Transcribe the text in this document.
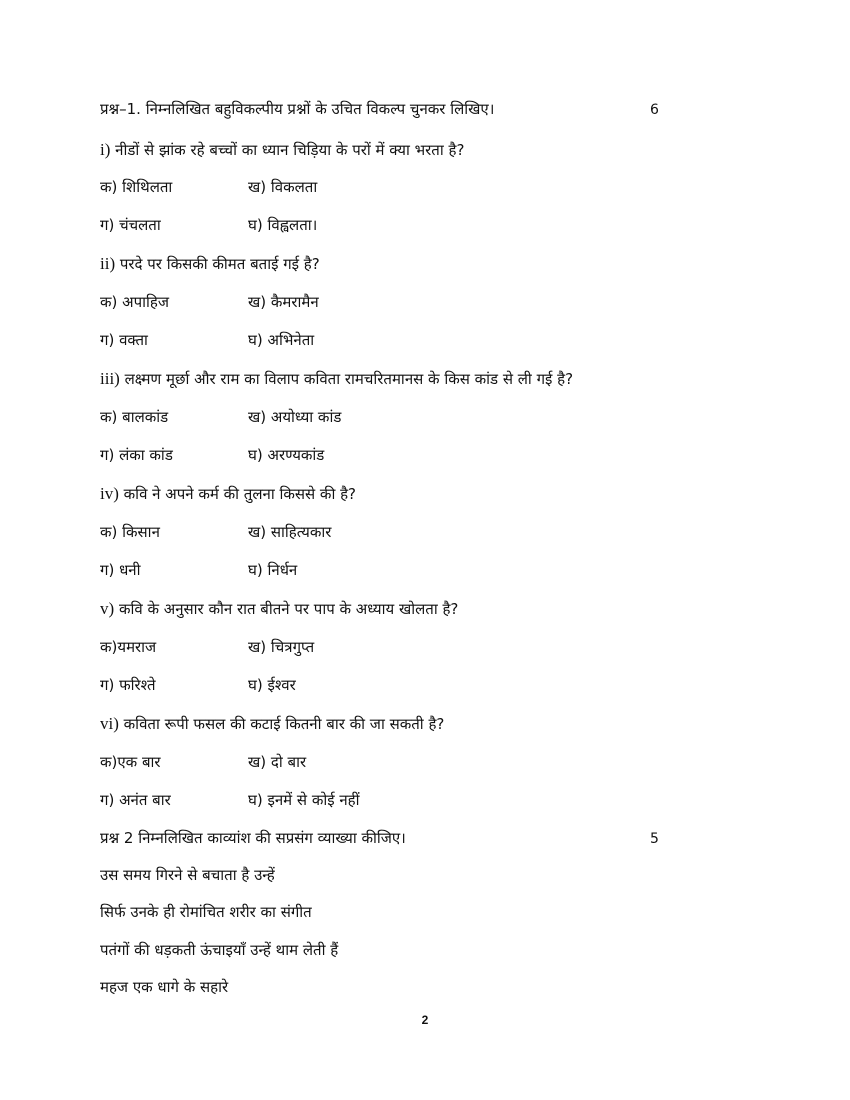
प्रश्न–1. निम्नलिखित बहुविकल्पीय प्रश्नों के उचित विकल्प चुनकर लिखिए।	6
i) नीडों से झांक रहे बच्चों का ध्यान चिड़िया के परों में क्या भरता है?
क) शिथिलता	ख) विकलता
ग) चंचलता	घ) विह्वलता।
ii) परदे पर किसकी कीमत बताई गई है?
क) अपाहिज	ख) कैमरामैन
ग) वक्ता	घ) अभिनेता
iii) लक्ष्मण मूर्छा और राम का विलाप कविता रामचरितमानस के किस कांड से ली गई है?
क) बालकांड	ख) अयोध्या कांड
ग) लंका कांड	घ) अरण्यकांड
iv) कवि ने अपने कर्म की तुलना किससे की है?
क) किसान	ख) साहित्यकार
ग) धनी	घ) निर्धन
v) कवि के अनुसार कौन रात बीतने पर पाप के अध्याय खोलता है?
क)यमराज	ख) चित्रगुप्त
ग) फरिश्ते	घ) ईश्वर
vi) कविता रूपी फसल की कटाई कितनी बार की जा सकती है?
क)एक बार	ख) दो बार
ग) अनंत बार	घ) इनमें से कोई नहीं
प्रश्न 2 निम्नलिखित काव्यांश की सप्रसंग व्याख्या कीजिए।	5
उस समय गिरने से बचाता है उन्हें
सिर्फ उनके ही रोमांचित शरीर का संगीत
पतंगों की धड़कती ऊंचाइयाँ उन्हें थाम लेती हैं
महज एक धागे के सहारे
2
